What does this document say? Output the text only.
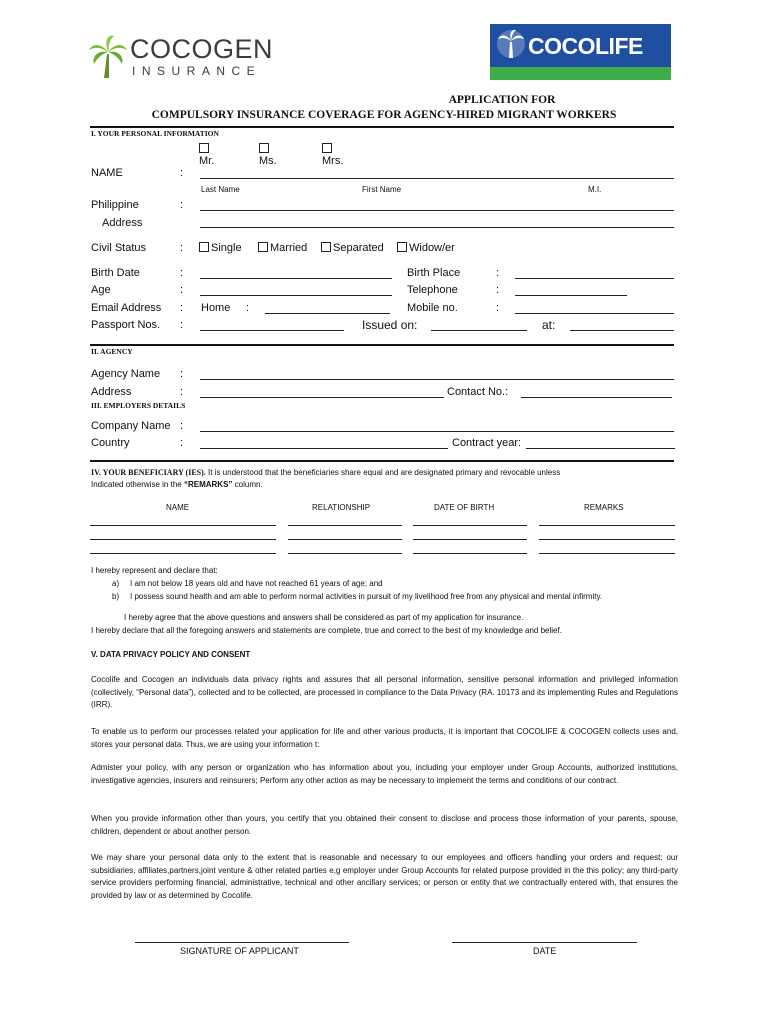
COCOGEN
INSURANCE
COCOLIFE
APPLICATION FOR
COMPULSORY INSURANCE COVERAGE FOR AGENCY-HIRED MIGRANT WORKERS
I. YOUR PERSONAL INFORMATION
Mr.	Ms.	Mrs.
NAME	:
Last Name	First Name	M.I.
Philippine
Address
:
Civil Status	:	Single	Married	Separated	Widow/er
Birth Date	:	Birth Place	:
Age	:	Telephone	:
Email Address : Home :	Mobile no.	:
Passport Nos. :	Issued on:	at:
II. AGENCY
Agency Name :
Address	:	Contact No.:
III. EMPLOYERS DETAILS
Company Name :
Country	:	Contract year:
IV. YOUR BENEFICIARY (IES). It is understood that the beneficiaries share equal and are designated primary and revocable unless
Indicated otherwise in the “REMARKS” column.
NAME	RELATIONSHIP	DATE OF BIRTH	REMARKS
I hereby represent and declare that:
a) I am not below 18 years old and have not reached 61 years of age; and
b) I possess sound health and am able to perform normal activities in pursuit of my livelihood free from any physical and mental infirmity.
I hereby agree that the above questions and answers shall be considered as part of my application for insurance.
I hereby declare that all the foregoing answers and statements are complete, true and correct to the best of my knowledge and belief.
V. DATA PRIVACY POLICY AND CONSENT
Cocolife and Cocogen an individuals data privacy rights and assures that all personal information, sensitive personal information and privileged information (collectively, “Personal data”), collected and to be collected, are processed in compliance to the Data Privacy (RA. 10173 and its implementing Rules and Regulations (IRR).
To enable us to perform our processes related your application for life and other various products, it is important that COCOLIFE & COCOGEN collects uses and, stores your personal data. Thus, we are using your information t:
Admister your policy, with any person or organization who has information about you, including your employer under Group Accounts, authorized institutions, investigative agencies, insurers and reinsurers; Perform any other action as may be necessary to implement the terms and conditions of our contract.
When you provide information other than yours, you certify that you obtained their consent to disclose and process those information of your parents, spouse, children, dependent or about another person.
We may share your personal data only to the extent that is reasonable and necessary to our employees and officers handling your orders and request; our subsidiaries, affiliates,partners,joint venture & other related parties e,g employer under Group Accounts for related purpose provided in the this policy; any third-party service providers performing financial, administrative, technical and other ancillary services; or person or entity that we contractually entered with, that ensures the provided by law or as determined by Cocolife.
SIGNATURE OF APPLICANT	DATE
